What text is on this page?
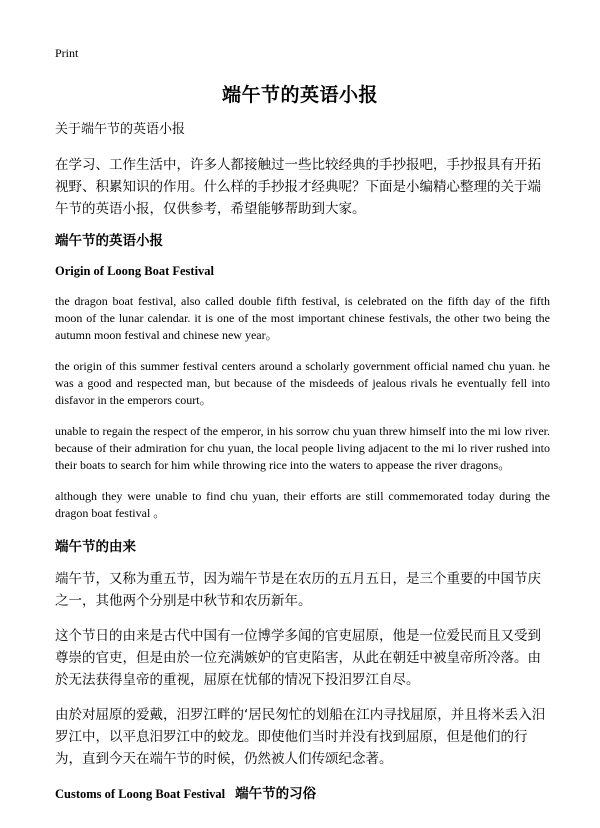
Print
端午节的英语小报

关于端午节的英语小报

在学习、工作生活中，许多人都接触过一些比较经典的手抄报吧，手抄报具有开拓视野、积累知识的作用。什么样的手抄报才经典呢？下面是小编精心整理的关于端午节的英语小报，仅供参考，希望能够帮助到大家。

端午节的英语小报
Origin of Loong Boat Festival

the dragon boat festival, also called double fifth festival, is celebrated on the fifth day of the fifth moon of the lunar calendar. it is one of the most important chinese festivals, the other two being the autumn moon festival and chinese new year。

the origin of this summer festival centers around a scholarly government official named chu yuan. he was a good and respected man, but because of the misdeeds of jealous rivals he eventually fell into disfavor in the emperors court。

unable to regain the respect of the emperor, in his sorrow chu yuan threw himself into the mi low river. because of their admiration for chu yuan, the local people living adjacent to the mi lo river rushed into their boats to search for him while throwing rice into the waters to appease the river dragons。

although they were unable to find chu yuan, their efforts are still commemorated today during the dragon boat festival 。

端午节的由来

端午节，又称为重五节，因为端午节是在农历的五月五日，是三个重要的中国节庆之一，其他两个分别是中秋节和农历新年。

这个节日的由来是古代中国有一位博学多闻的官吏屈原，他是一位爱民而且又受到尊崇的官吏，但是由於一位充满嫉妒的官吏陷害，从此在朝廷中被皇帝所冷落。由於无法获得皇帝的重视，屈原在忧郁的情况下投汨罗江自尽。

由於对屈原的爱戴，汨罗江畔的‘居民匆忙的划船在江内寻找屈原，并且将米丢入汨罗江中，以平息汨罗江中的蛟龙。即使他们当时并没有找到屈原，但是他们的行为，直到今天在端午节的时候，仍然被人们传颂纪念著。

Customs of Loong Boat Festival 端午节的习俗
